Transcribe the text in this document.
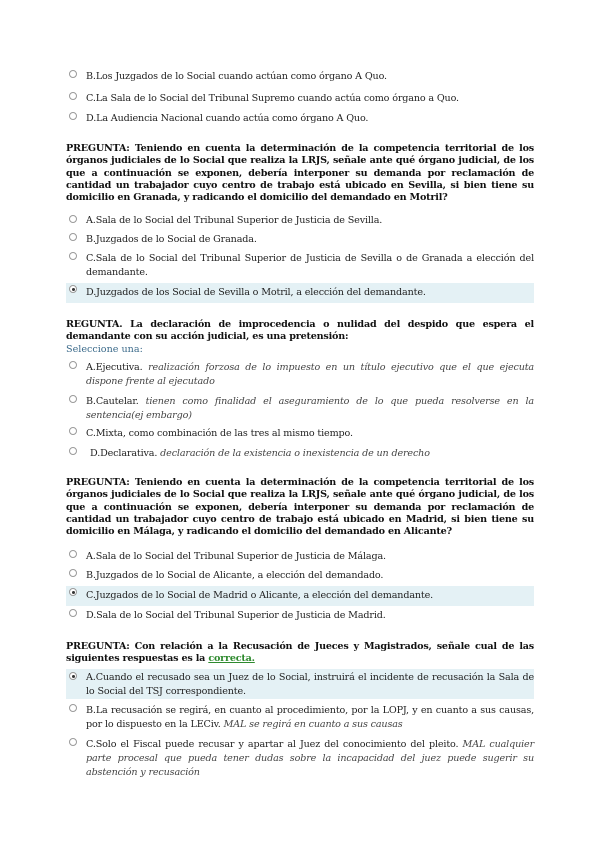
B.Los Juzgados de lo Social cuando actúan como órgano A Quo.
C.La Sala de lo Social del Tribunal Supremo cuando actúa como órgano a Quo.
D.La Audiencia Nacional cuando actúa como órgano A Quo.
PREGUNTA: Teniendo en cuenta la determinación de la competencia territorial de los órganos judiciales de lo Social que realiza la LRJS, señale ante qué órgano judicial, de los que a continuación se exponen, debería interponer su demanda por reclamación de cantidad un trabajador cuyo centro de trabajo está ubicado en Sevilla, si bien tiene su domicilio en Granada, y radicando el domicilio del demandado en Motril?
A.Sala de lo Social del Tribunal Superior de Justicia de Sevilla.
B.Juzgados de lo Social de Granada.
C.Sala de lo Social del Tribunal Superior de Justicia de Sevilla o de Granada a elección del demandante.
D.Juzgados de los Social de Sevilla o Motril, a elección del demandante.
REGUNTA. La declaración de improcedencia o nulidad del despido que espera el demandante con su acción judicial, es una pretensión:
Seleccione una:
A.Ejecutiva. realización forzosa de lo impuesto en un título ejecutivo que el que ejecuta dispone frente al ejecutado
B.Cautelar. tienen como finalidad el aseguramiento de lo que pueda resolverse en la sentencia(ej embargo)
C.Mixta, como combinación de las tres al mismo tiempo.
D.Declarativa. declaración de la existencia o inexistencia de un derecho
PREGUNTA: Teniendo en cuenta la determinación de la competencia territorial de los órganos judiciales de lo Social que realiza la LRJS, señale ante qué órgano judicial, de los que a continuación se exponen, debería interponer su demanda por reclamación de cantidad un trabajador cuyo centro de trabajo está ubicado en Madrid, si bien tiene su domicilio en Málaga, y radicando el domicilio del demandado en Alicante?
A.Sala de lo Social del Tribunal Superior de Justicia de Málaga.
B.Juzgados de lo Social de Alicante, a elección del demandado.
C.Juzgados de lo Social de Madrid o Alicante, a elección del demandante.
D.Sala de lo Social del Tribunal Superior de Justicia de Madrid.
PREGUNTA: Con relación a la Recusación de Jueces y Magistrados, señale cual de las siguientes respuestas es la correcta.
A.Cuando el recusado sea un Juez de lo Social, instruirá el incidente de recusación la Sala de lo Social del TSJ correspondiente.
B.La recusación se regirá, en cuanto al procedimiento, por la LOPJ, y en cuanto a sus causas, por lo dispuesto en la LECiv. MAL se regirá en cuanto a sus causas
C.Solo el Fiscal puede recusar y apartar al Juez del conocimiento del pleito. MAL cualquier parte procesal que pueda tener dudas sobre la incapacidad del juez puede sugerir su abstención y recusación
